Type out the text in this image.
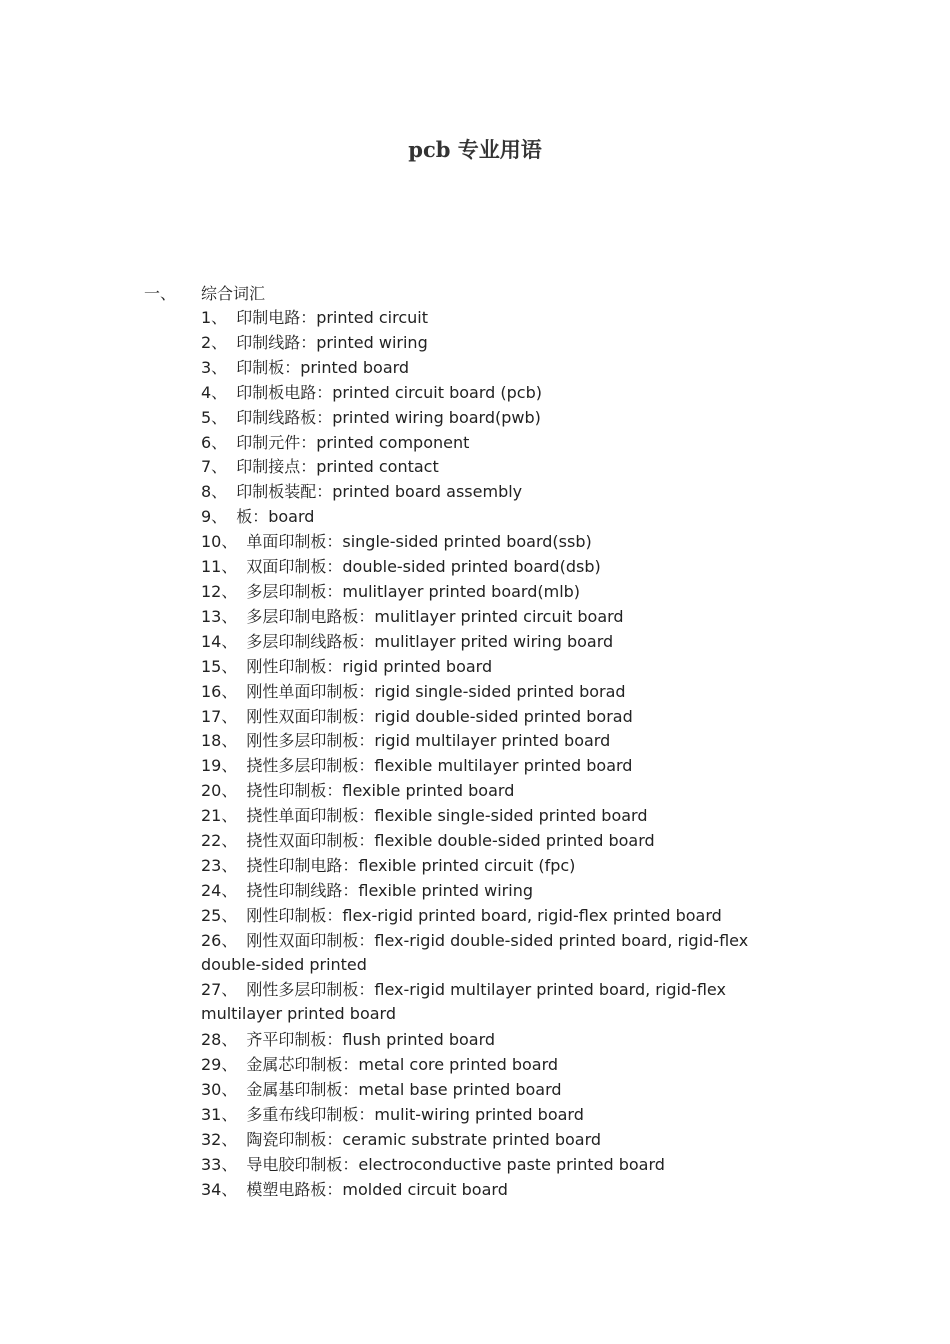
pcb 专业用语
一、 综合词汇
1、 印制电路：printed circuit
2、 印制线路：printed wiring
3、 印制板：printed board
4、 印制板电路：printed circuit board (pcb)
5、 印制线路板：printed wiring board(pwb)
6、 印制元件：printed component
7、 印制接点：printed contact
8、 印制板装配：printed board assembly
9、 板：board
10、 单面印制板：single-sided printed board(ssb)
11、 双面印制板：double-sided printed board(dsb)
12、 多层印制板：mulitlayer printed board(mlb)
13、 多层印制电路板：mulitlayer printed circuit board
14、 多层印制线路板：mulitlayer prited wiring board
15、 刚性印制板：rigid printed board
16、 刚性单面印制板：rigid single-sided printed borad
17、 刚性双面印制板：rigid double-sided printed borad
18、 刚性多层印制板：rigid multilayer printed board
19、 挠性多层印制板：flexible multilayer printed board
20、 挠性印制板：flexible printed board
21、 挠性单面印制板：flexible single-sided printed board
22、 挠性双面印制板：flexible double-sided printed board
23、 挠性印制电路：flexible printed circuit (fpc)
24、 挠性印制线路：flexible printed wiring
25、 刚性印制板：flex-rigid printed board, rigid-flex printed board
26、 刚性双面印制板：flex-rigid double-sided printed board, rigid-flex double-sided printed
27、 刚性多层印制板：flex-rigid multilayer printed board, rigid-flex multilayer printed board
28、 齐平印制板：flush printed board
29、 金属芯印制板：metal core printed board
30、 金属基印制板：metal base printed board
31、 多重布线印制板：mulit-wiring printed board
32、 陶瓷印制板：ceramic substrate printed board
33、 导电胶印制板：electroconductive paste printed board
34、 模塑电路板：molded circuit board
